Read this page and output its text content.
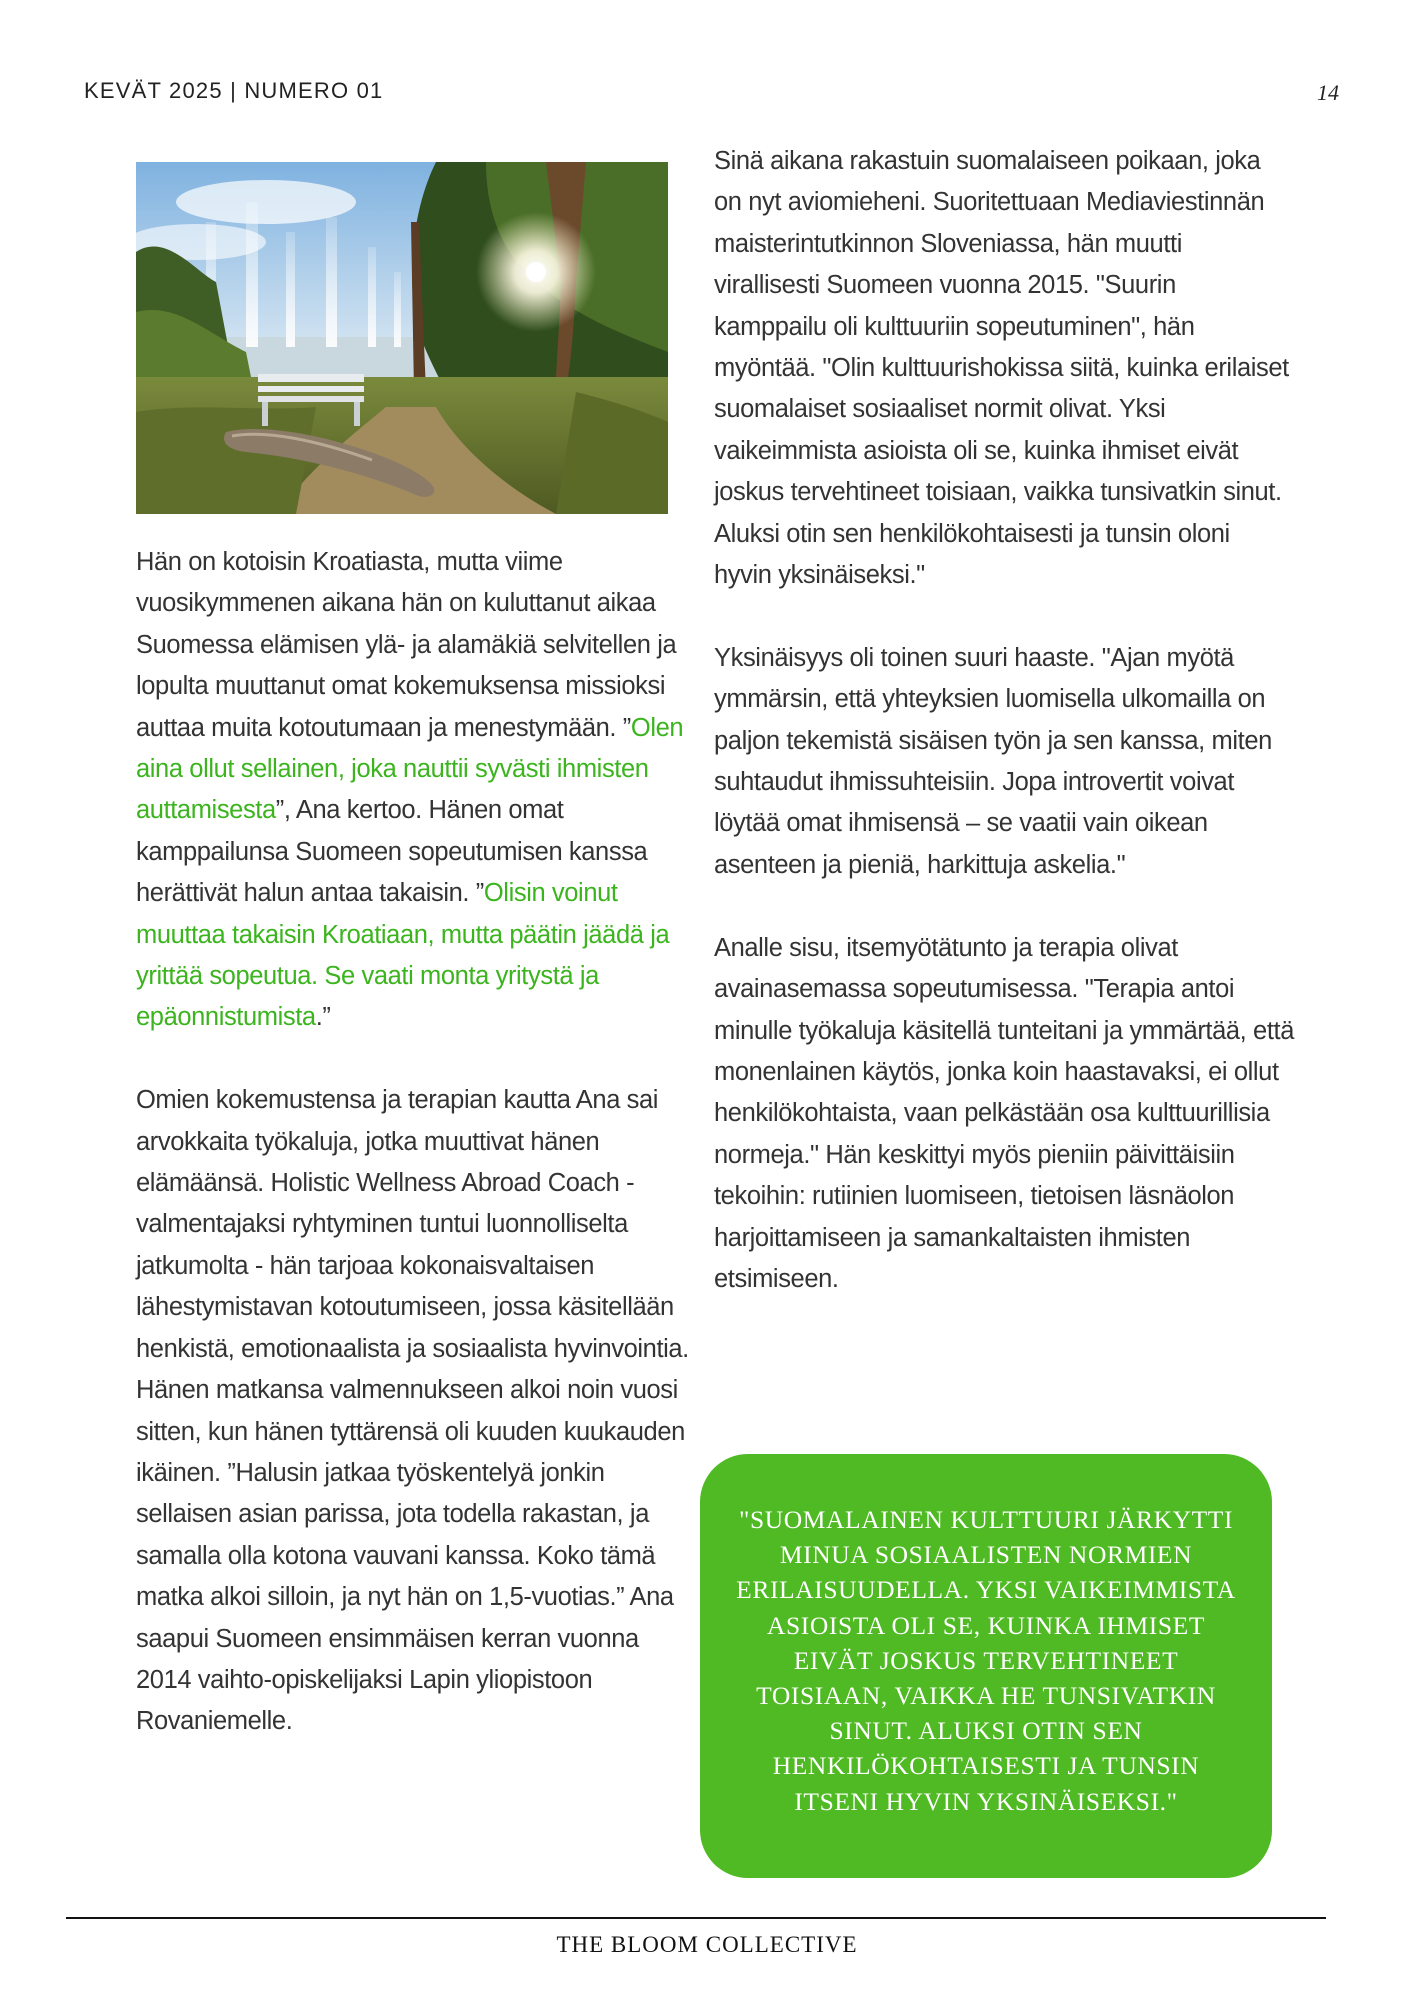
KEVÄT 2025 | NUMERO 01	14

Hän on kotoisin Kroatiasta, mutta viime vuosikymmenen aikana hän on kuluttanut aikaa Suomessa elämisen ylä- ja alamäkiä selvitellen ja lopulta muuttanut omat kokemuksensa missioksi auttaa muita kotoutumaan ja menestymään. ”Olen aina ollut sellainen, joka nauttii syvästi ihmisten auttamisesta”, Ana kertoo. Hänen omat kamppailunsa Suomeen sopeutumisen kanssa herättivät halun antaa takaisin. ”Olisin voinut muuttaa takaisin Kroatiaan, mutta päätin jäädä ja yrittää sopeutua. Se vaati monta yritystä ja epäonnistumista.”

Omien kokemustensa ja terapian kautta Ana sai arvokkaita työkaluja, jotka muuttivat hänen elämäänsä. Holistic Wellness Abroad Coach -valmentajaksi ryhtyminen tuntui luonnolliselta jatkumolta - hän tarjoaa kokonaisvaltaisen lähestymistavan kotoutumiseen, jossa käsitellään henkistä, emotionaalista ja sosiaalista hyvinvointia. Hänen matkansa valmennukseen alkoi noin vuosi sitten, kun hänen tyttärensä oli kuuden kuukauden ikäinen. ”Halusin jatkaa työskentelyä jonkin sellaisen asian parissa, jota todella rakastan, ja samalla olla kotona vauvani kanssa. Koko tämä matka alkoi silloin, ja nyt hän on 1,5-vuotias.” Ana saapui Suomeen ensimmäisen kerran vuonna 2014 vaihto-opiskelijaksi Lapin yliopistoon Rovaniemelle.

Sinä aikana rakastuin suomalaiseen poikaan, joka on nyt aviomieheni. Suoritettuaan Mediaviestinnän maisterintutkinnon Sloveniassa, hän muutti virallisesti Suomeen vuonna 2015. "Suurin kamppailu oli kulttuuriin sopeutuminen", hän myöntää. "Olin kulttuurishokissa siitä, kuinka erilaiset suomalaiset sosiaaliset normit olivat. Yksi vaikeimmista asioista oli se, kuinka ihmiset eivät joskus tervehtineet toisiaan, vaikka tunsivatkin sinut. Aluksi otin sen henkilökohtaisesti ja tunsin oloni hyvin yksinäiseksi."

Yksinäisyys oli toinen suuri haaste. "Ajan myötä ymmärsin, että yhteyksien luomisella ulkomailla on paljon tekemistä sisäisen työn ja sen kanssa, miten suhtaudut ihmissuhteisiin. Jopa introvertit voivat löytää omat ihmisensä – se vaatii vain oikean asenteen ja pieniä, harkittuja askelia."

Analle sisu, itsemyötätunto ja terapia olivat avainasemassa sopeutumisessa. "Terapia antoi minulle työkaluja käsitellä tunteitani ja ymmärtää, että monenlainen käytös, jonka koin haastavaksi, ei ollut henkilökohtaista, vaan pelkästään osa kulttuurillisia normeja." Hän keskittyi myös pieniin päivittäisiin tekoihin: rutiinien luomiseen, tietoisen läsnäolon harjoittamiseen ja samankaltaisten ihmisten etsimiseen.

"SUOMALAINEN KULTTUURI JÄRKYTTI MINUA SOSIAALISTEN NORMIEN ERILAISUUDELLA. YKSI VAIKEIMMISTA ASIOISTA OLI SE, KUINKA IHMISET EIVÄT JOSKUS TERVEHTINEET TOISIAAN, VAIKKA HE TUNSIVATKIN SINUT. ALUKSI OTIN SEN HENKILÖKOHTAISESTI JA TUNSIN ITSENI HYVIN YKSINÄISEKSI."
THE BLOOM COLLECTIVE
